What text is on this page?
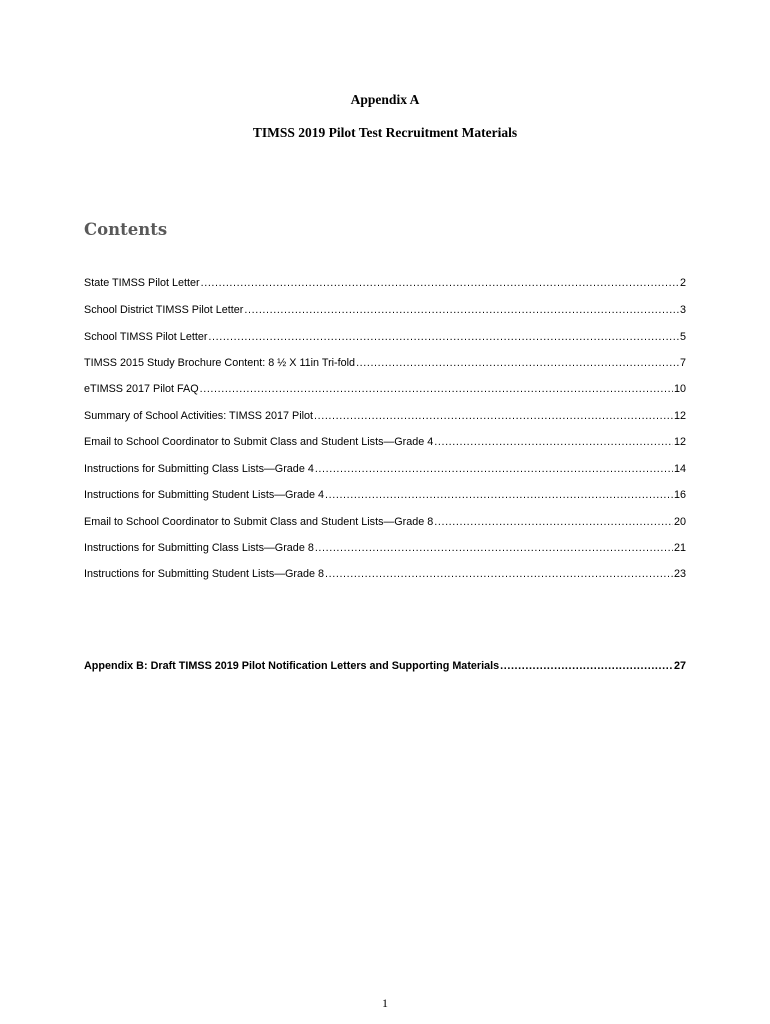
Appendix A
TIMSS 2019 Pilot Test Recruitment Materials
Contents
State TIMSS Pilot Letter .....	2
School District TIMSS Pilot Letter .....	3
School TIMSS Pilot Letter .....	5
TIMSS 2015 Study Brochure Content: 8 ½ X 11in Tri-fold .....	7
eTIMSS 2017 Pilot FAQ .....	10
Summary of School Activities: TIMSS 2017 Pilot .....	12
Email to School Coordinator to Submit Class and Student Lists—Grade 4 .....	12
Instructions for Submitting Class Lists—Grade 4 .....	14
Instructions for Submitting Student Lists—Grade 4 .....	16
Email to School Coordinator to Submit Class and Student Lists—Grade 8 .....	20
Instructions for Submitting Class Lists—Grade 8 .....	21
Instructions for Submitting Student Lists—Grade 8 .....	23
Appendix B: Draft TIMSS 2019 Pilot Notification Letters and Supporting Materials .....	27
1
